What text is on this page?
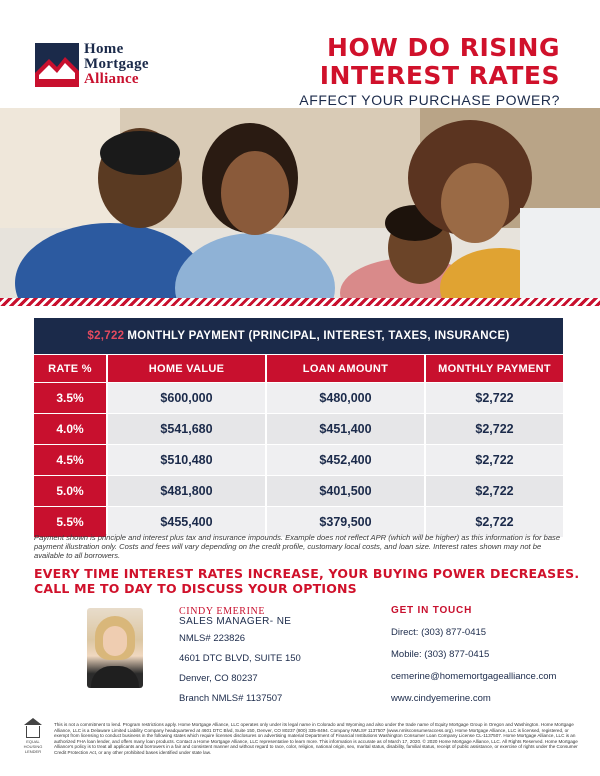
Home
Mortgage
Alliance
HOW DO RISING
INTEREST RATES
AFFECT YOUR PURCHASE POWER?
$2,722 MONTHLY PAYMENT (PRINCIPAL, INTEREST, TAXES, INSURANCE)
RATE %	HOME VALUE	LOAN AMOUNT	MONTHLY PAYMENT
3.5%	$600,000	$480,000	$2,722
4.0%	$541,680	$451,400	$2,722
4.5%	$510,480	$452,400	$2,722
5.0%	$481,800	$401,500	$2,722
5.5%	$455,400	$379,500	$2,722
Payment shown is principle and interest plus tax and insurance impounds. Example does not reflect APR (which will be higher) as this information is for base payment illustration only. Costs and fees will vary depending on the credit profile, customary local costs, and loan size. Interest rates shown may not be available to all borrowers.
EVERY TIME INTEREST RATES INCREASE, YOUR BUYING POWER DECREASES.
CALL ME TO DAY TO DISCUSS YOUR OPTIONS
CINDY EMERINE
SALES MANAGER- NE
NMLS# 223826
4601 DTC BLVD, SUITE 150
Denver, CO 80237
Branch NMLS# 1137507
GET IN TOUCH
Direct: (303) 877-0415
Mobile: (303) 877-0415
cemerine@homemortgagealliance.com
www.cindyemerine.com
EQUAL HOUSING LENDER
This is not a commitment to lend. Program restrictions apply. Home Mortgage Alliance, LLC operates only under its legal name in Colorado and Wyoming and also under the trade name of Equity Mortgage Group in Oregon and Washington. Home Mortgage Alliance, LLC is a Delaware Limited Liability Company headquartered at 4601 DTC Blvd, Suite 150, Denver, CO 80237 (800) 335-8494. Company NMLS# 1137507 (www.nmlsconsumeraccess.org). Home Mortgage Alliance, LLC is licensed, registered, or exempt from licensing to conduct business in the following states which require licenses disclosures on advertising material Department of Financial Institutions Washington Consumer Loan Company License CL-1137507. Home Mortgage Alliance, LLC is an authorized FHA loan lender, and offers many loan products. Contact a Home Mortgage Alliance, LLC representative to learn more. This information is accurate as of March 17, 2020. © 2020 Home Mortgage Alliance, LLC. All Rights Reserved. Home Mortgage Alliance's policy is to treat all applicants and borrowers in a fair and consistent manner and without regard to race, color, religion, national origin, sex, marital status, disability, familial status, receipt of public assistance, or exercise of rights under the Consumer Credit Protection Act, or any other prohibited bases identified under state law.
